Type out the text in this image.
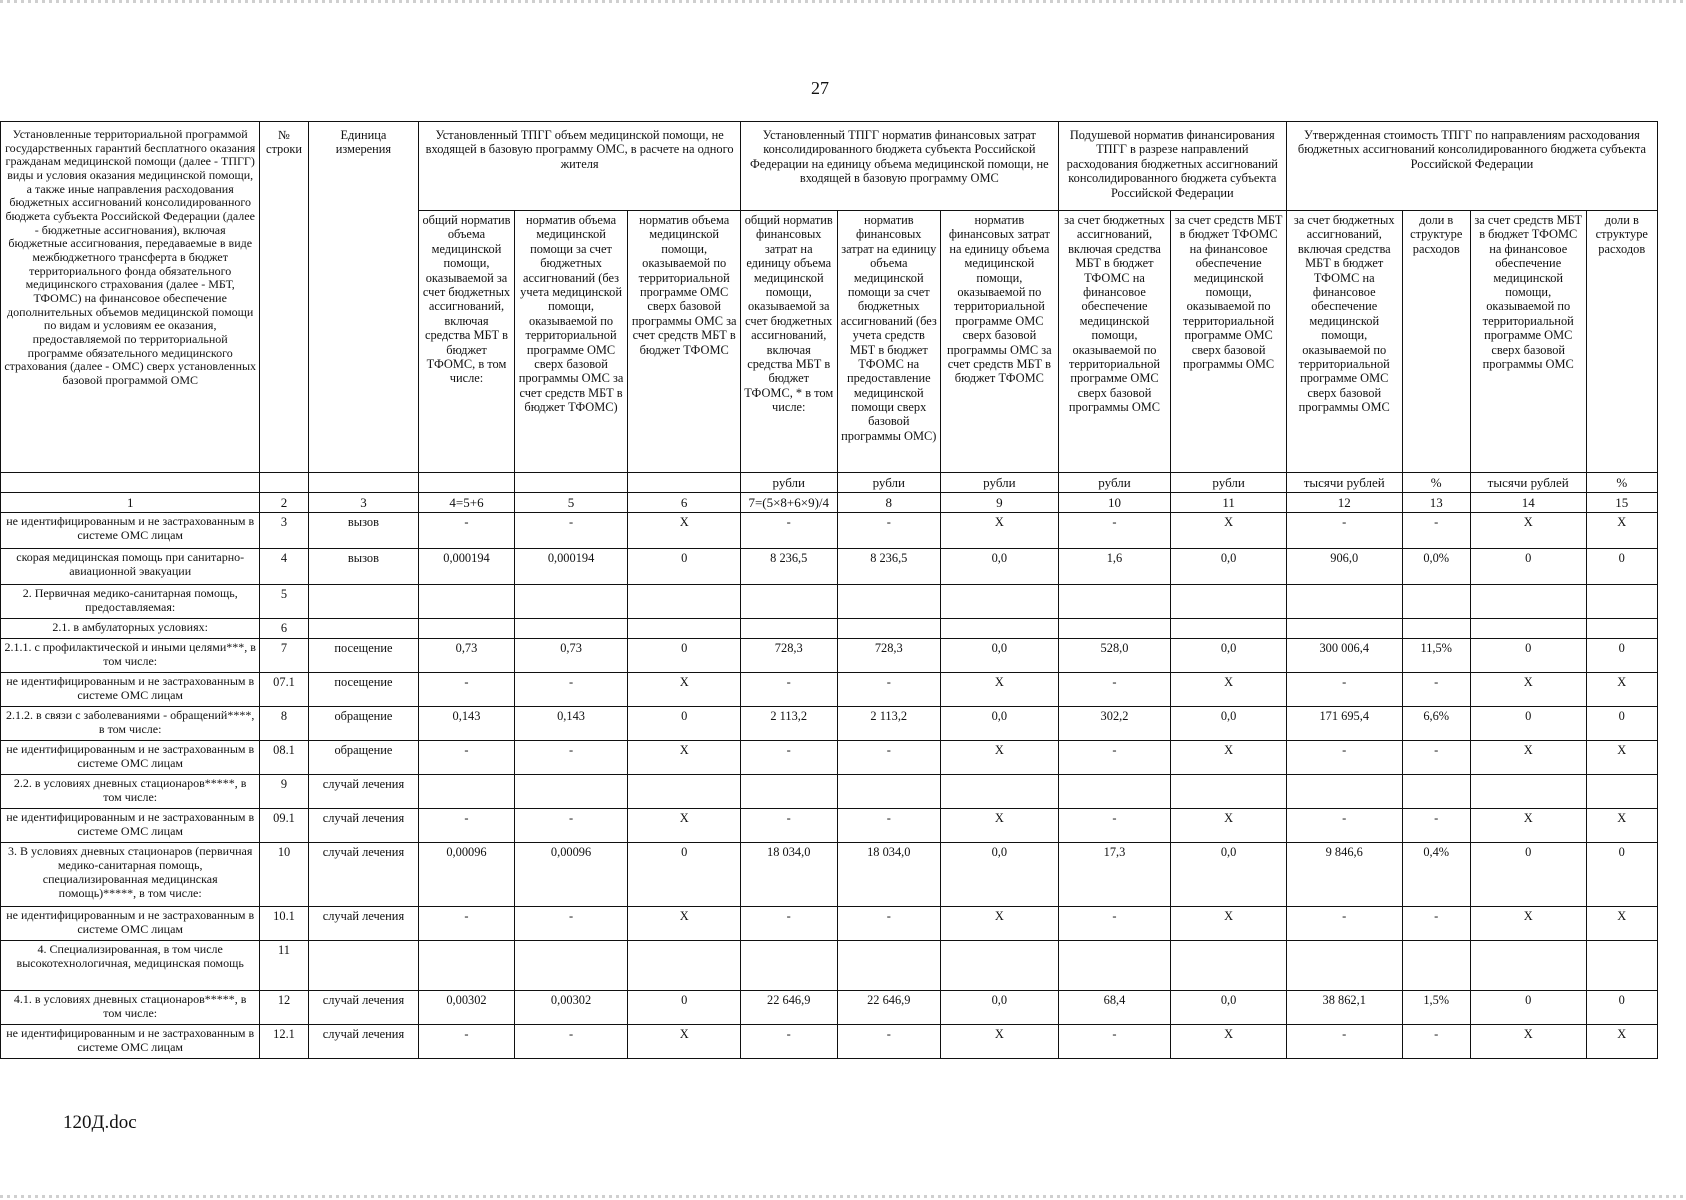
27
Установленные территориальной программой государственных гарантий бесплатного оказания гражданам медицинской помощи (далее - ТПГГ) виды и условия оказания медицинской помощи, а также иные направления расходования бюджетных ассигнований консолидированного бюджета субъекта Российской Федерации (далее - бюджетные ассигнования), включая бюджетные ассигнования, передаваемые в виде межбюджетного трансферта в бюджет территориального фонда обязательного медицинского страхования (далее - МБТ, ТФОМС) на финансовое обеспечение дополнительных объемов медицинской помощи по видам и условиям ее оказания, предоставляемой по территориальной программе обязательного медицинского страхования (далее - ОМС) сверх установленных базовой программой ОМС	№ строки	Единица измерения	Установленный ТПГГ объем медицинской помощи, не входящей в базовую программу ОМС, в расчете на одного жителя			Установленный ТПГГ норматив финансовых затрат консолидированного бюджета субъекта Российской Федерации на единицу объема медицинской помощи, не входящей в базовую программу ОМС			Подушевой норматив финансирования ТПГГ в разрезе направлений расходования бюджетных ассигнований консолидированного бюджета субъекта Российской Федерации		Утвержденная стоимость ТПГГ по направлениям расходования бюджетных ассигнований консолидированного бюджета субъекта Российской Федерации			
			общий норматив объема медицинской помощи, оказываемой за счет бюджетных ассигнований, включая средства МБТ в бюджет ТФОМС, в том числе:	норматив объема медицинской помощи за счет бюджетных ассигнований (без учета медицинской помощи, оказываемой по территориальной программе ОМС сверх базовой программы ОМС за счет средств МБТ в бюджет ТФОМС)	норматив объема медицинской помощи, оказываемой по территориальной программе ОМС сверх базовой программы ОМС за счет средств МБТ в бюджет ТФОМС	общий норматив финансовых затрат на единицу объема медицинской помощи, оказываемой за счет бюджетных ассигнований, включая средства МБТ в бюджет ТФОМС, * в том числе:	норматив финансовых затрат на единицу объема медицинской помощи за счет бюджетных ассигнований (без учета средств МБТ в бюджет ТФОМС на предоставление медицинской помощи сверх базовой программы ОМС)	норматив финансовых затрат на единицу объема медицинской помощи, оказываемой по территориальной программе ОМС сверх базовой программы ОМС за счет средств МБТ в бюджет ТФОМС	за счет бюджетных ассигнований, включая средства МБТ в бюджет ТФОМС на финансовое обеспечение медицинской помощи, оказываемой по территориальной программе ОМС сверх базовой программы ОМС	за счет средств МБТ в бюджет ТФОМС на финансовое обеспечение медицинской помощи, оказываемой по территориальной программе ОМС сверх базовой программы ОМС	за счет бюджетных ассигнований, включая средства МБТ в бюджет ТФОМС на финансовое обеспечение медицинской помощи, оказываемой по территориальной программе ОМС сверх базовой программы ОМС	доли в структуре расходов	за счет средств МБТ в бюджет ТФОМС на финансовое обеспечение медицинской помощи, оказываемой по территориальной программе ОМС сверх базовой программы ОМС	доли в структуре расходов
						рубли	рубли	рубли	рубли	рубли	тысячи рублей	%	тысячи рублей	%
1	2	3	4=5+6	5	6	7=(5×8+6×9)/4	8	9	10	11	12	13	14	15
не идентифицированным и не застрахованным в системе ОМС лицам	3	вызов	-	-	X	-	-	X	-	X	-	-	X	X
скорая медицинская помощь при санитарно-авиационной эвакуации	4	вызов	0,000194	0,000194	0	8 236,5	8 236,5	0,0	1,6	0,0	906,0	0,0%	0	0
2. Первичная медико-санитарная помощь, предоставляемая:	5													
2.1. в амбулаторных условиях:	6													
2.1.1. с профилактической и иными целями***, в том числе:	7	посещение	0,73	0,73	0	728,3	728,3	0,0	528,0	0,0	300 006,4	11,5%	0	0
не идентифицированным и не застрахованным в системе ОМС лицам	07.1	посещение	-	-	X	-	-	X	-	X	-	-	X	X
2.1.2. в связи с заболеваниями - обращений****, в том числе:	8	обращение	0,143	0,143	0	2 113,2	2 113,2	0,0	302,2	0,0	171 695,4	6,6%	0	0
не идентифицированным и не застрахованным в системе ОМС лицам	08.1	обращение	-	-	X	-	-	X	-	X	-	-	X	X
2.2. в условиях дневных стационаров*****, в том числе:	9	случай лечения												
не идентифицированным и не застрахованным в системе ОМС лицам	09.1	случай лечения	-	-	X	-	-	X	-	X	-	-	X	X
3. В условиях дневных стационаров (первичная медико-санитарная помощь, специализированная медицинская помощь)*****, в том числе:	10	случай лечения	0,00096	0,00096	0	18 034,0	18 034,0	0,0	17,3	0,0	9 846,6	0,4%	0	0
не идентифицированным и не застрахованным в системе ОМС лицам	10.1	случай лечения	-	-	X	-	-	X	-	X	-	-	X	X
4. Специализированная, в том числе высокотехнологичная, медицинская помощь	11													
4.1. в условиях дневных стационаров*****, в том числе:	12	случай лечения	0,00302	0,00302	0	22 646,9	22 646,9	0,0	68,4	0,0	38 862,1	1,5%	0	0
не идентифицированным и не застрахованным в системе ОМС лицам	12.1	случай лечения	-	-	X	-	-	X	-	X	-	-	X	X
120Д.doc
